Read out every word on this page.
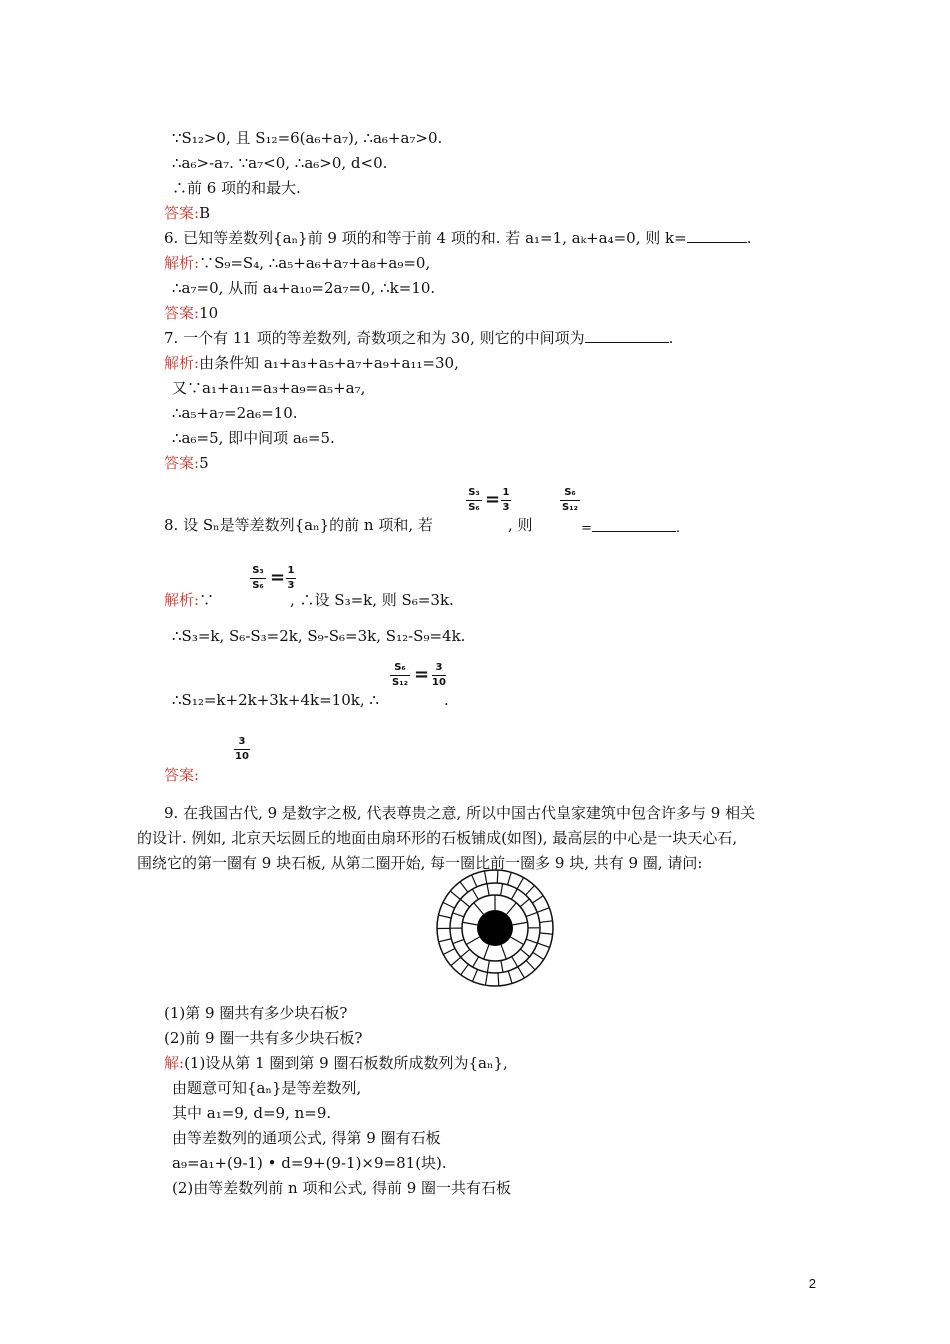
∵S₁₂>0, 且 S₁₂=6(a₆+a₇), ∴a₆+a₇>0.
∴a₆>-a₇. ∵a₇<0, ∴a₆>0, d<0.
∴前 6 项的和最大.
答案:B
6. 已知等差数列{aₙ}前 9 项的和等于前 4 项的和. 若 a₁=1, aₖ+a₄=0, 则 k=	.
解析:∵S₉=S₄, ∴a₅+a₆+a₇+a₈+a₉=0,
∴a₇=0, 从而 a₄+a₁₀=2a₇=0, ∴k=10.
答案:10
7. 一个有 11 项的等差数列, 奇数项之和为 30, 则它的中间项为	.
解析:由条件知 a₁+a₃+a₅+a₇+a₉+a₁₁=30,
又∵a₁+a₁₁=a₃+a₉=a₅+a₇,
∴a₅+a₇=2a₆=10.
∴a₆=5, 即中间项 a₆=5.
答案:5
8. 设 Sₙ是等差数列{aₙ}的前 n 项和, 若
S₃
S₆ = 1
3
, 则
S₆
S₁₂
=	.
S₃
S₆ = 1
3
解析:∵	, ∴设 S₃=k, 则 S₆=3k.
∴S₃=k, S₆-S₃=2k, S₉-S₆=3k, S₁₂-S₉=4k.
S₆
S₁₂ = 3
10
∴S₁₂=k+2k+3k+4k=10k, ∴	.
答案:
3
10
9. 在我国古代, 9 是数字之极, 代表尊贵之意, 所以中国古代皇家建筑中包含许多与 9 相关
的设计. 例如, 北京天坛圆丘的地面由扇环形的石板铺成(如图), 最高层的中心是一块天心石,
围绕它的第一圈有 9 块石板, 从第二圈开始, 每一圈比前一圈多 9 块, 共有 9 圈, 请问:
(1)第 9 圈共有多少块石板?
(2)前 9 圈一共有多少块石板?
解:(1)设从第 1 圈到第 9 圈石板数所成数列为{aₙ},
由题意可知{aₙ}是等差数列,
其中 a₁=9, d=9, n=9.
由等差数列的通项公式, 得第 9 圈有石板
a₉=a₁+(9-1) • d=9+(9-1)×9=81(块).
(2)由等差数列前 n 项和公式, 得前 9 圈一共有石板
2
